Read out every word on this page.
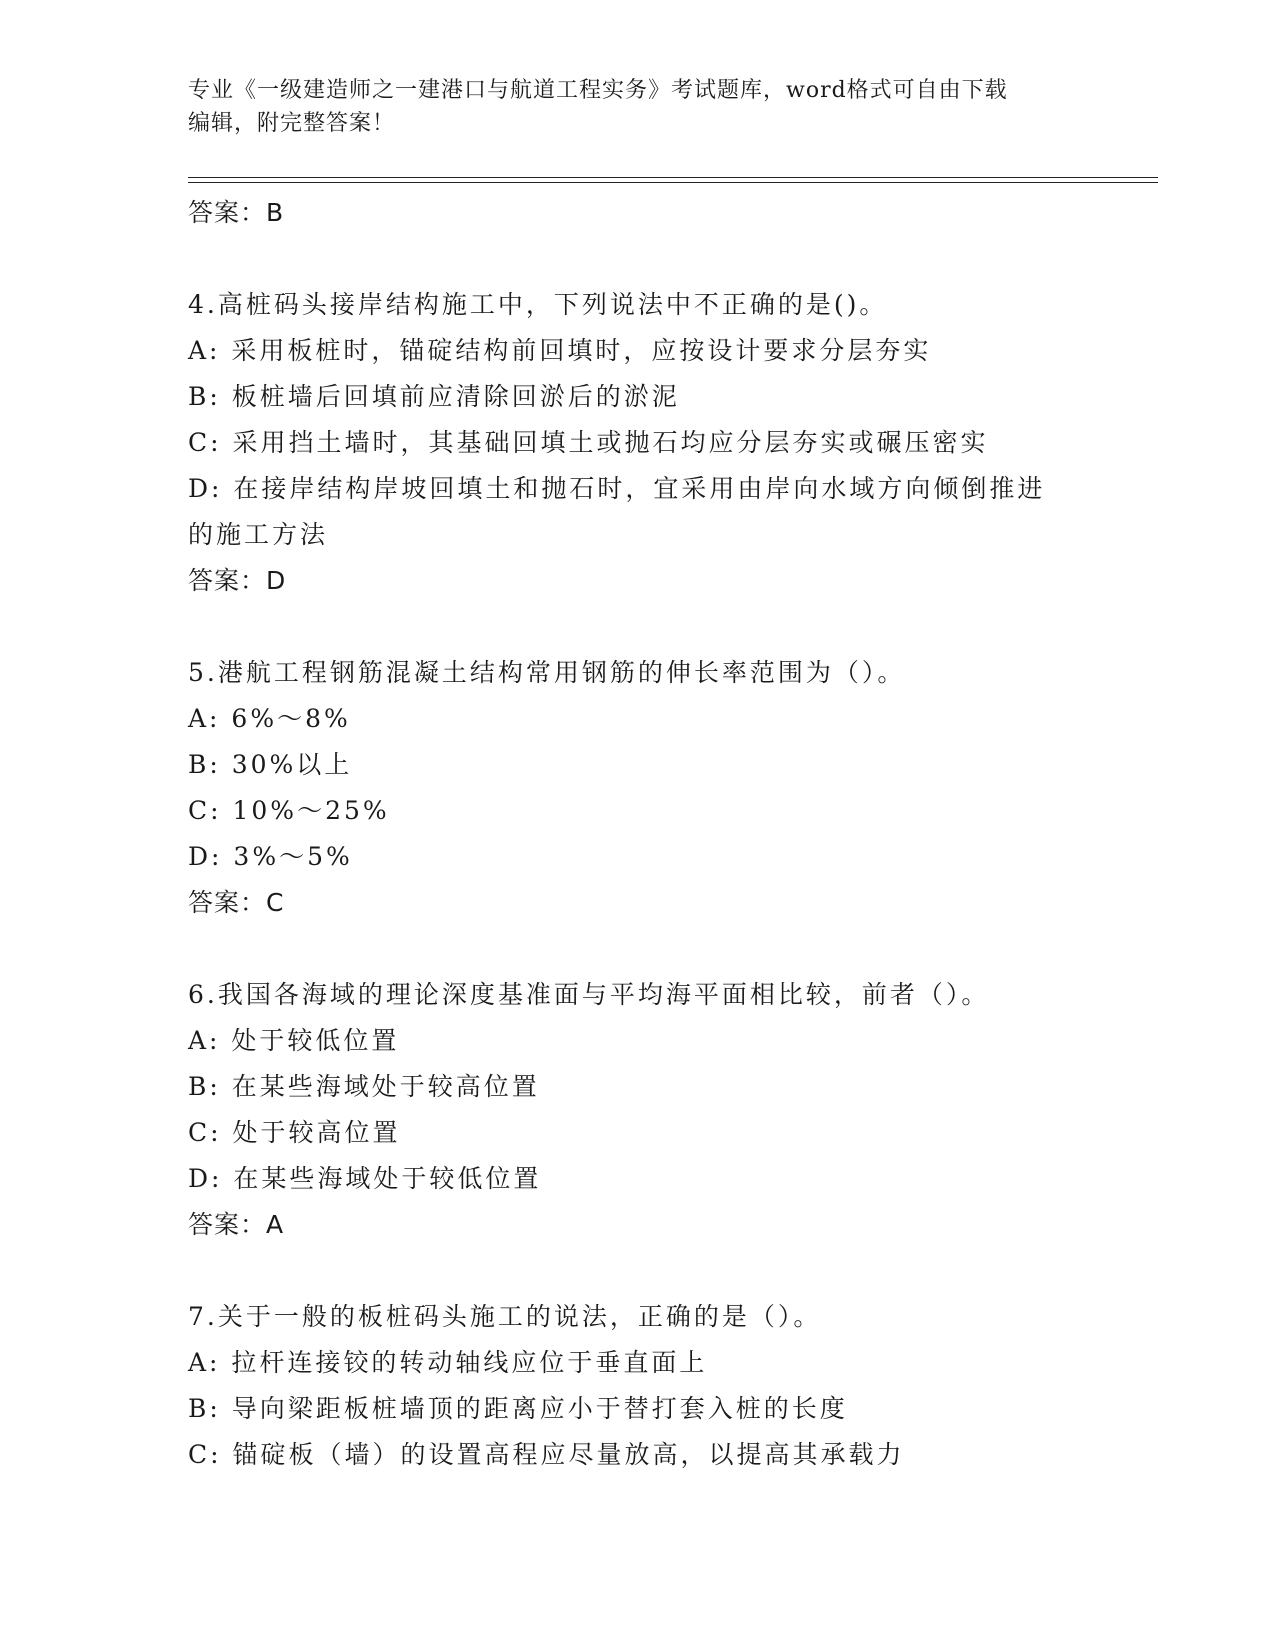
专业《一级建造师之一建港口与航道工程实务》考试题库，word格式可自由下载
编辑，附完整答案！
答案：B
4.高桩码头接岸结构施工中，下列说法中不正确的是()。
A: 采用板桩时，锚碇结构前回填时，应按设计要求分层夯实
B: 板桩墙后回填前应清除回淤后的淤泥
C: 采用挡土墙时，其基础回填土或抛石均应分层夯实或碾压密实
D: 在接岸结构岸坡回填土和抛石时，宜采用由岸向水域方向倾倒推进
的施工方法
答案：D
5.港航工程钢筋混凝土结构常用钢筋的伸长率范围为（）。
A: 6%～8%
B: 30%以上
C: 10%～25%
D: 3%～5%
答案：C
6.我国各海域的理论深度基准面与平均海平面相比较，前者（）。
A: 处于较低位置
B: 在某些海域处于较高位置
C: 处于较高位置
D: 在某些海域处于较低位置
答案：A
7.关于一般的板桩码头施工的说法，正确的是（）。
A: 拉杆连接铰的转动轴线应位于垂直面上
B: 导向梁距板桩墙顶的距离应小于替打套入桩的长度
C: 锚碇板（墙）的设置高程应尽量放高，以提高其承载力
